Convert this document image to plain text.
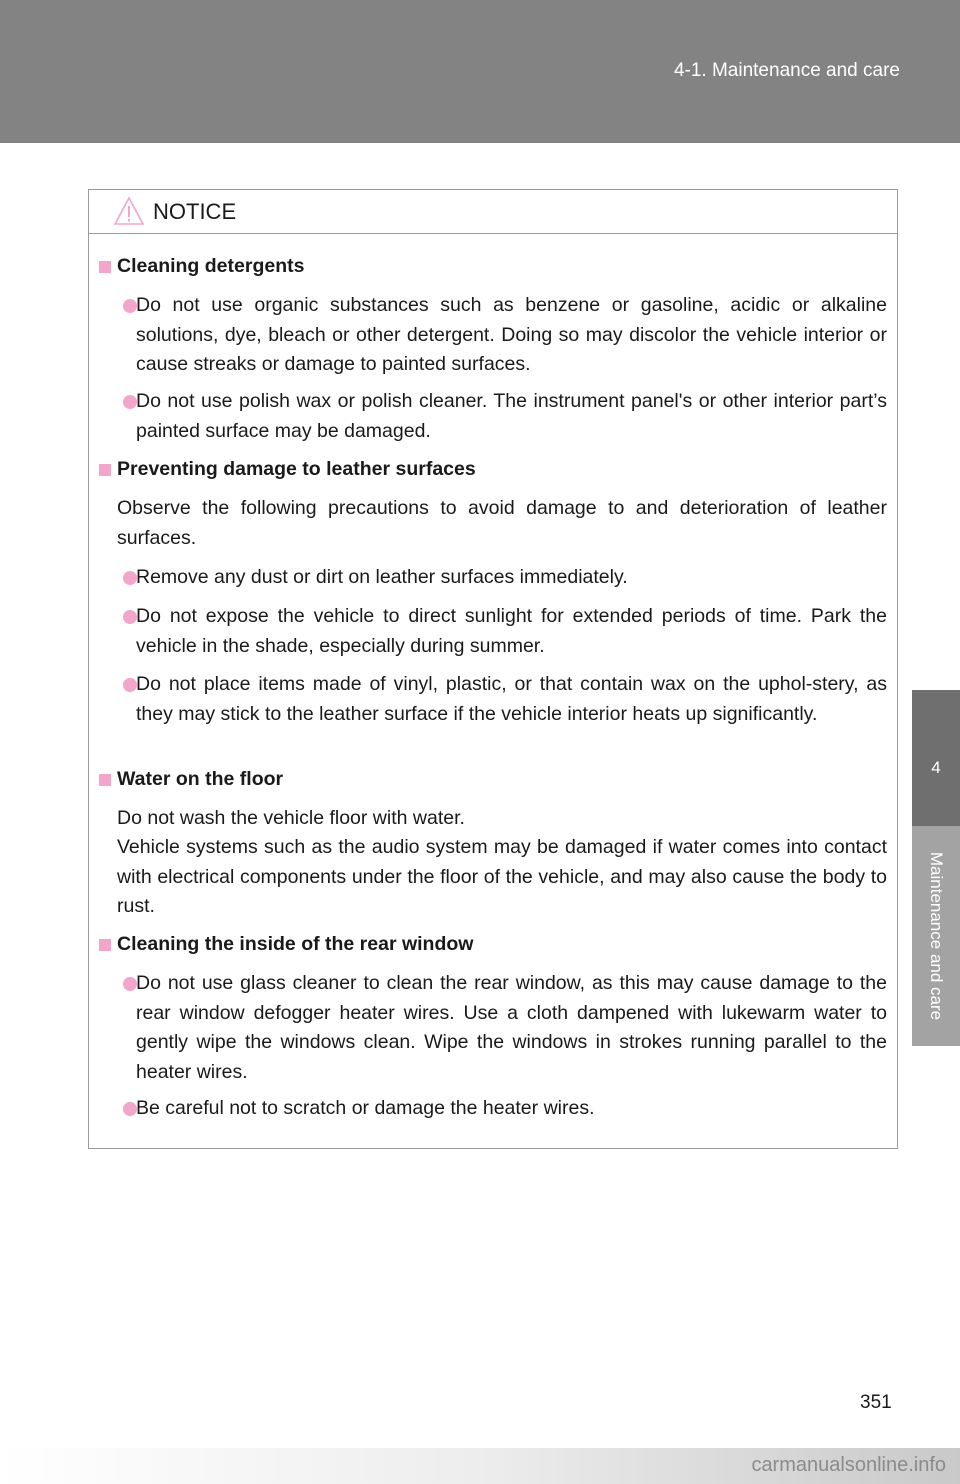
4-1. Maintenance and care
4
Maintenance and care
NOTICE

Cleaning detergents

Do not use organic substances such as benzene or gasoline, acidic or alkaline solutions, dye, bleach or other detergent. Doing so may discolor the vehicle interior or cause streaks or damage to painted surfaces.

Do not use polish wax or polish cleaner. The instrument panel's or other interior part’s painted surface may be damaged.

Preventing damage to leather surfaces

Observe the following precautions to avoid damage to and deterioration of leather surfaces.

Remove any dust or dirt on leather surfaces immediately.

Do not expose the vehicle to direct sunlight for extended periods of time. Park the vehicle in the shade, especially during summer.

Do not place items made of vinyl, plastic, or that contain wax on the uphol-stery, as they may stick to the leather surface if the vehicle interior heats up significantly.

Water on the floor

Do not wash the vehicle floor with water.

Vehicle systems such as the audio system may be damaged if water comes into contact with electrical components under the floor of the vehicle, and may also cause the body to rust.

Cleaning the inside of the rear window

Do not use glass cleaner to clean the rear window, as this may cause damage to the rear window defogger heater wires. Use a cloth dampened with lukewarm water to gently wipe the windows clean. Wipe the windows in strokes running parallel to the heater wires.

Be careful not to scratch or damage the heater wires.

351
carmanualsonline.info
